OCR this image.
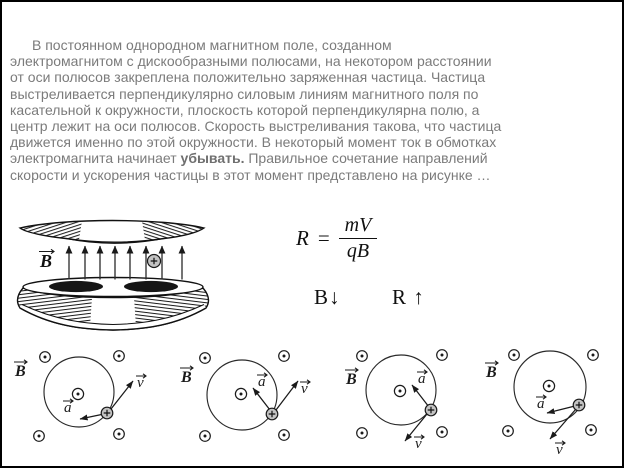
В постоянном однородном магнитном поле, созданном
электромагнитом с дискообразными полюсами, на некотором расстоянии
от оси полюсов закреплена положительно заряженная частица. Частица
выстреливается перпендикулярно силовым линиям магнитного поля по
касательной к окружности, плоскость которой перпендикулярна полю, а
центр лежит на оси полюсов. Скорость выстреливания такова, что частица
движется именно по этой окружности. В некоторый момент ток в обмотках
электромагнита начинает убывать. Правильное сочетание направлений
скорости и ускорения частицы в этот момент представлено на рисунке …
B
$R = \frac{mV}{qB}$
B↓ R ↑
B
a
v B	a v
B	a
v
B
a
v
